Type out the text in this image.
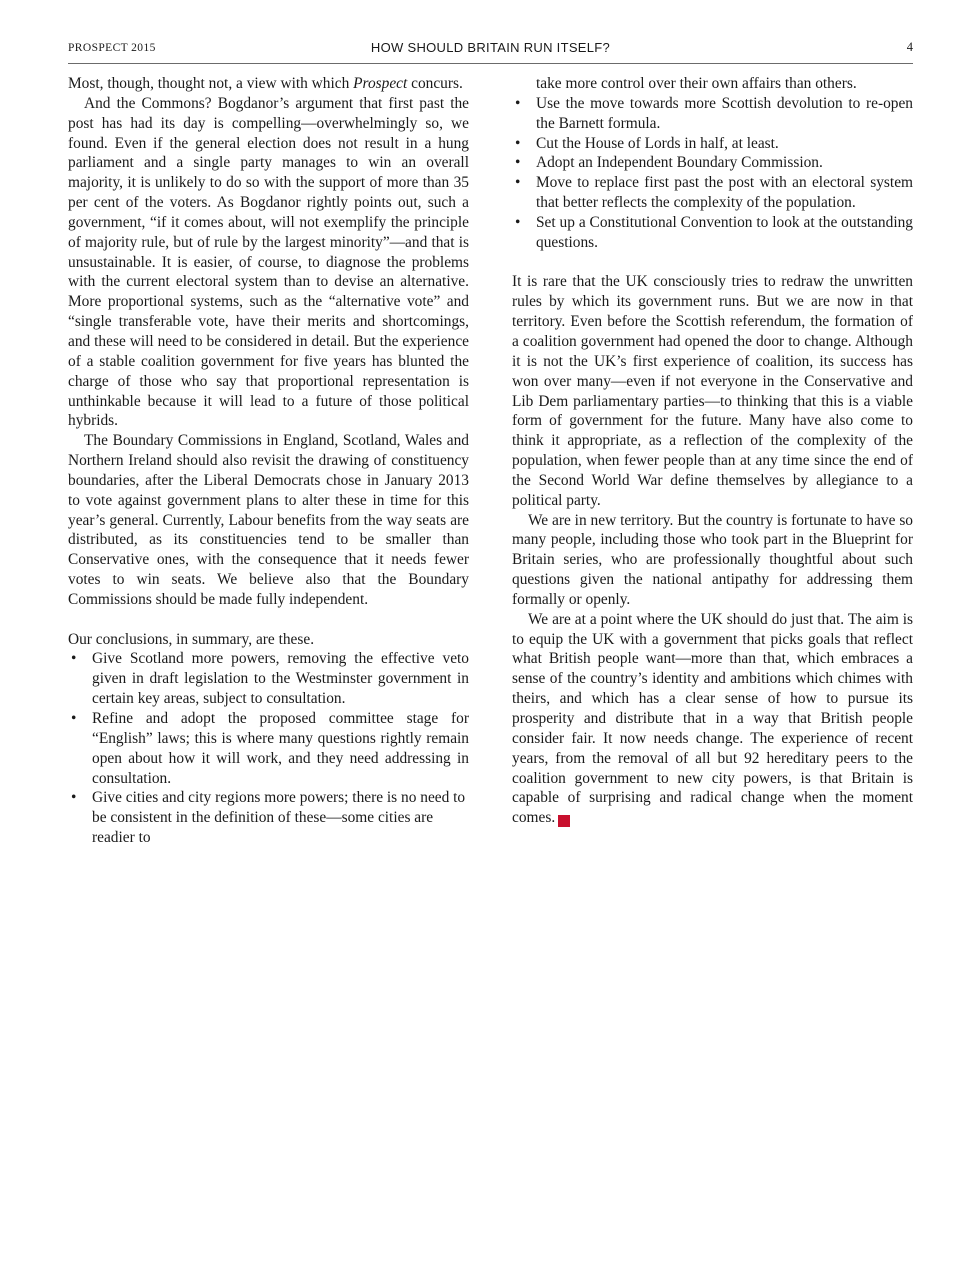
PROSPECT 2015	HOW SHOULD BRITAIN RUN ITSELF?	4

Most, though, thought not, a view with which Prospect concurs.

And the Commons? Bogdanor’s argument that first past the post has had its day is compelling—overwhelmingly so, we found. Even if the general election does not result in a hung parliament and a single party manages to win an overall majority, it is unlikely to do so with the support of more than 35 per cent of the voters. As Bogdanor rightly points out, such a government, “if it comes about, will not exemplify the principle of majority rule, but of rule by the largest minority”—and that is unsustainable. It is easier, of course, to diagnose the problems with the current electoral system than to devise an alternative. More proportional systems, such as the “alternative vote” and “single transferable vote, have their merits and shortcomings, and these will need to be considered in detail. But the experience of a stable coalition government for five years has blunted the charge of those who say that proportional representation is unthinkable because it will lead to a future of those political hybrids.

The Boundary Commissions in England, Scotland, Wales and Northern Ireland should also revisit the drawing of constituency boundaries, after the Liberal Democrats chose in January 2013 to vote against government plans to alter these in time for this year’s general. Currently, Labour benefits from the way seats are distributed, as its constituencies tend to be smaller than Conservative ones, with the consequence that it needs fewer votes to win seats. We believe also that the Boundary Commissions should be made fully independent.

Our conclusions, in summary, are these.

• Give Scotland more powers, removing the effective veto given in draft legislation to the Westminster government in certain key areas, subject to consultation.
• Refine and adopt the proposed committee stage for “English” laws; this is where many questions rightly remain open about how it will work, and they need addressing in consultation.
• Give cities and city regions more powers; there is no need to be consistent in the definition of these—some cities are readier to
take more control over their own affairs than others.
• Use the move towards more Scottish devolution to re-open the Barnett formula.
• Cut the House of Lords in half, at least.
• Adopt an Independent Boundary Commission.
• Move to replace first past the post with an electoral system that better reflects the complexity of the population.
• Set up a Constitutional Convention to look at the outstanding questions.

It is rare that the UK consciously tries to redraw the unwritten rules by which its government runs. But we are now in that territory. Even before the Scottish referendum, the formation of a coalition government had opened the door to change. Although it is not the UK’s first experience of coalition, its success has won over many—even if not everyone in the Conservative and Lib Dem parliamentary parties—to thinking that this is a viable form of government for the future. Many have also come to think it appropriate, as a reflection of the complexity of the population, when fewer people than at any time since the end of the Second World War define themselves by allegiance to a political party.

We are in new territory. But the country is fortunate to have so many people, including those who took part in the Blueprint for Britain series, who are professionally thoughtful about such questions given the national antipathy for addressing them formally or openly.

We are at a point where the UK should do just that. The aim is to equip the UK with a government that picks goals that reflect what British people want—more than that, which embraces a sense of the country’s identity and ambitions which chimes with theirs, and which has a clear sense of how to pursue its prosperity and distribute that in a way that British people consider fair. It now needs change. The experience of recent years, from the removal of all but 92 hereditary peers to the coalition government to new city powers, is that Britain is capable of surprising and radical change when the moment comes. P
